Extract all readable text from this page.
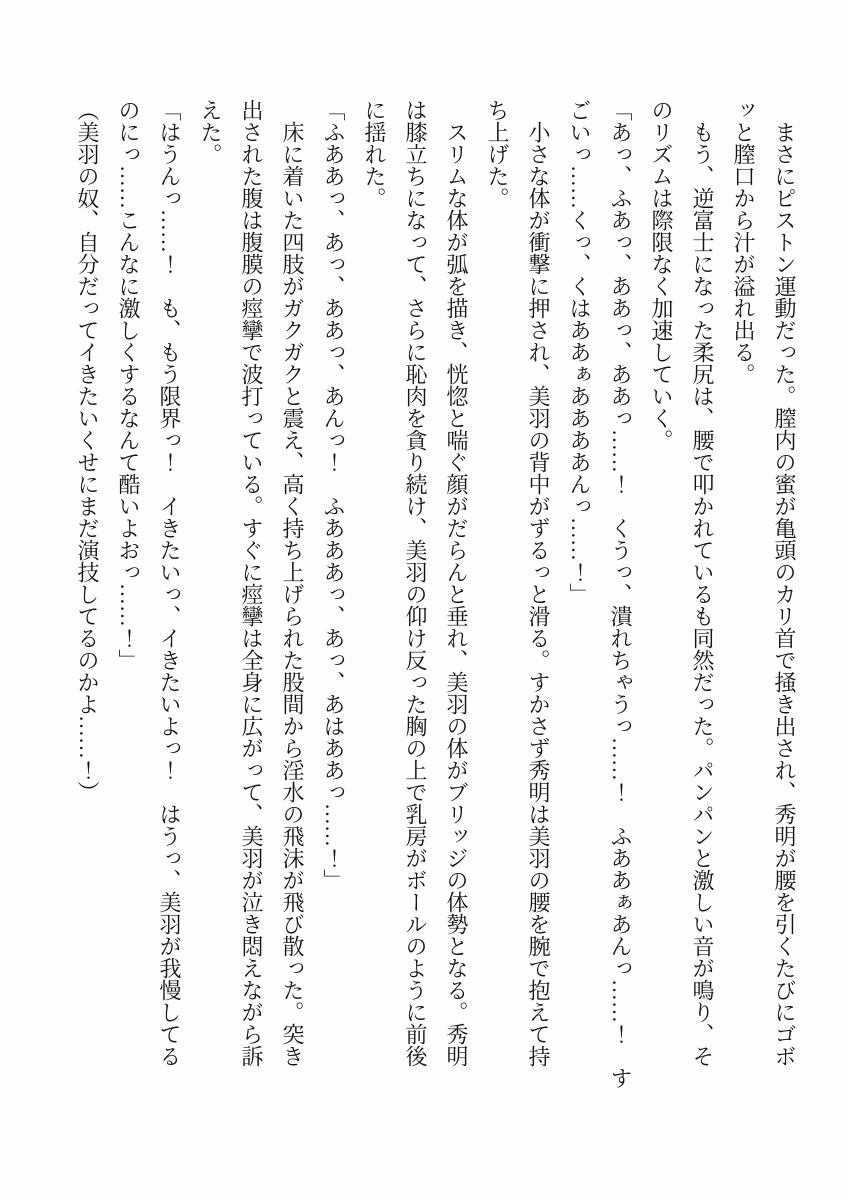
まさにピストン運動だった。膣内の蜜が亀頭のカリ首で掻き出され、秀明が腰を引くたびにゴボ
ッと膣口から汁が溢れ出る。
もう、逆富士になった柔尻は、腰で叩かれているも同然だった。パンパンと激しい音が鳴り、そ
のリズムは際限なく加速していく。
「あっ、ふあっ、ああっ、ああっ……！　くうっ、潰れちゃうっ……！　ふああぁあんっ……！　す
ごいっ……くっ、くはああぁああああんっ……！」
小さな体が衝撃に押され、美羽の背中がずるっと滑る。すかさず秀明は美羽の腰を腕で抱えて持
ち上げた。
スリムな体が弧を描き、恍惚と喘ぐ顔がだらんと垂れ、美羽の体がブリッジの体勢となる。秀明
は膝立ちになって、さらに恥肉を貪り続け、美羽の仰け反った胸の上で乳房がボールのように前後
に揺れた。
「ふああっ、あっ、ああっ、あんっ！　ふあああっ、あっ、あはああっ……！」
床に着いた四肢がガクガクと震え、高く持ち上げられた股間から淫水の飛沫が飛び散った。突き
出された腹は腹膜の痙攣で波打っている。すぐに痙攣は全身に広がって、美羽が泣き悶えながら訴
えた。
「はうんっ……！　も、もう限界っ！　イきたいっ、イきたいよっ！　はうっ、美羽が我慢してる
のにっ……こんなに激しくするなんて酷いよおっ……！」
（美羽の奴、自分だってイきたいくせにまだ演技してるのかよ……！）
